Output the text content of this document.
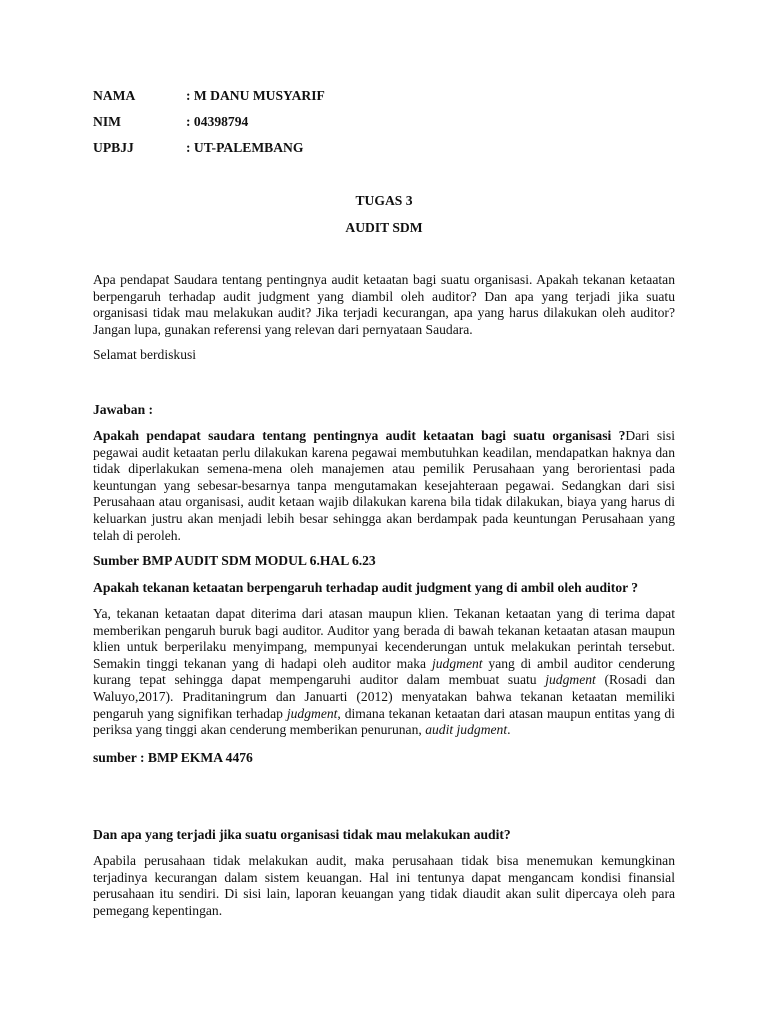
NAMA	: M DANU MUSYARIF
NIM	: 04398794
UPBJJ	: UT-PALEMBANG
TUGAS 3
AUDIT SDM

Apa pendapat Saudara tentang pentingnya audit ketaatan bagi suatu organisasi. Apakah tekanan ketaatan berpengaruh terhadap audit judgment yang diambil oleh auditor? Dan apa yang terjadi jika suatu organisasi tidak mau melakukan audit? Jika terjadi kecurangan, apa yang harus dilakukan oleh auditor? Jangan lupa, gunakan referensi yang relevan dari pernyataan Saudara.

Selamat berdiskusi

Jawaban :

Apakah pendapat saudara tentang pentingnya audit ketaatan bagi suatu organisasi ?Dari sisi pegawai audit ketaatan perlu dilakukan karena pegawai membutuhkan keadilan, mendapatkan haknya dan tidak diperlakukan semena-mena oleh manajemen atau pemilik Perusahaan yang berorientasi pada keuntungan yang sebesar-besarnya tanpa mengutamakan kesejahteraan pegawai. Sedangkan dari sisi Perusahaan atau organisasi, audit ketaan wajib dilakukan karena bila tidak dilakukan, biaya yang harus di keluarkan justru akan menjadi lebih besar sehingga akan berdampak pada keuntungan Perusahaan yang telah di peroleh.

Sumber BMP AUDIT SDM MODUL 6.HAL 6.23

Apakah tekanan ketaatan berpengaruh terhadap audit judgment yang di ambil oleh auditor ?

Ya, tekanan ketaatan dapat diterima dari atasan maupun klien. Tekanan ketaatan yang di terima dapat memberikan pengaruh buruk bagi auditor. Auditor yang berada di bawah tekanan ketaatan atasan maupun klien untuk berperilaku menyimpang, mempunyai kecenderungan untuk melakukan perintah tersebut. Semakin tinggi tekanan yang di hadapi oleh auditor maka judgment yang di ambil auditor cenderung kurang tepat sehingga dapat mempengaruhi auditor dalam membuat suatu judgment (Rosadi dan Waluyo,2017). Praditaningrum dan Januarti (2012) menyatakan bahwa tekanan ketaatan memiliki pengaruh yang signifikan terhadap judgment, dimana tekanan ketaatan dari atasan maupun entitas yang di periksa yang tinggi akan cenderung memberikan penurunan, audit judgment.

sumber : BMP EKMA 4476

Dan apa yang terjadi jika suatu organisasi tidak mau melakukan audit?

Apabila perusahaan tidak melakukan audit, maka perusahaan tidak bisa menemukan kemungkinan terjadinya kecurangan dalam sistem keuangan. Hal ini tentunya dapat mengancam kondisi finansial perusahaan itu sendiri. Di sisi lain, laporan keuangan yang tidak diaudit akan sulit dipercaya oleh para pemegang kepentingan.
